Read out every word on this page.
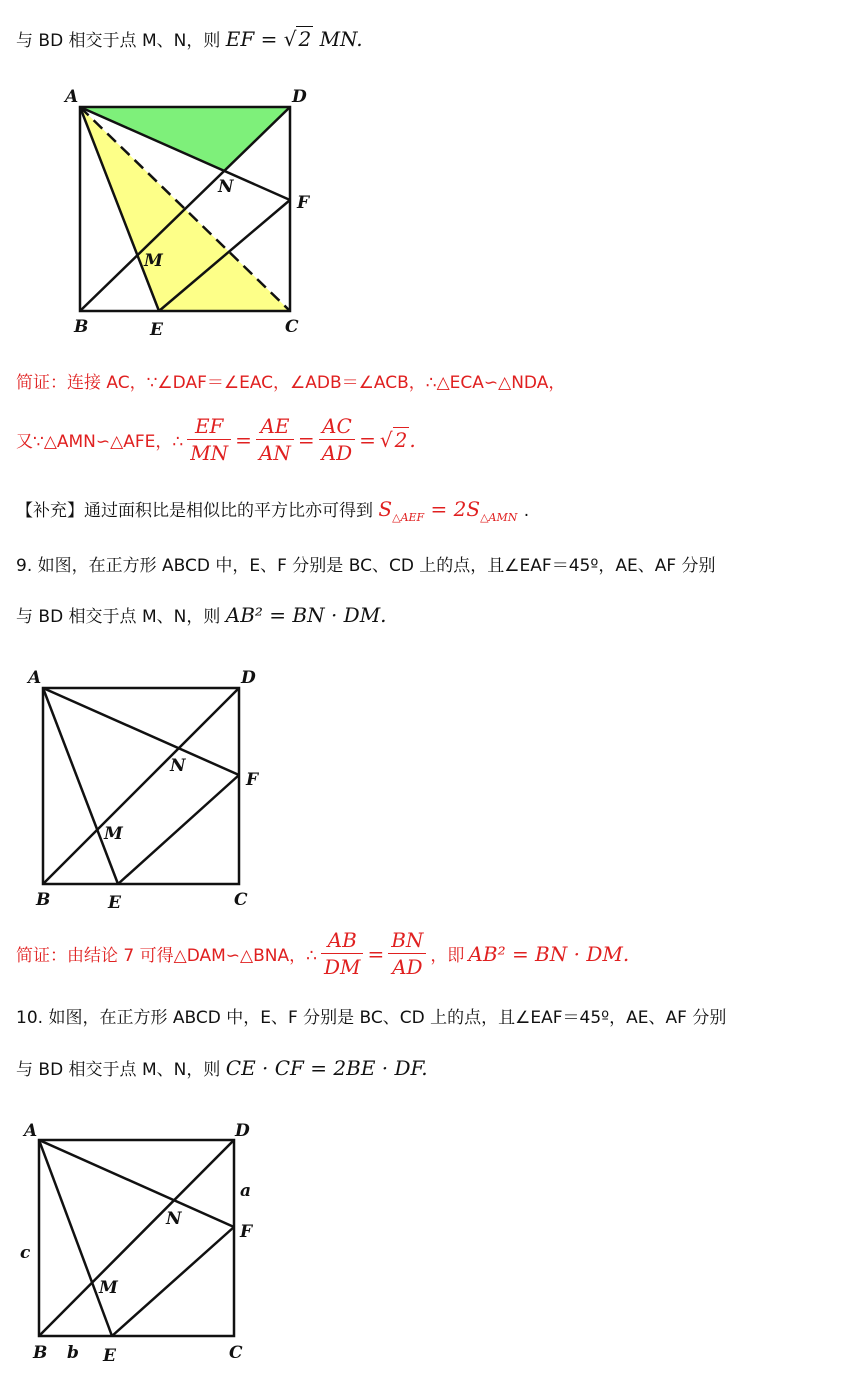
与 BD 相交于点 M、N，则 EF = √ 2 MN.
A	D
B	C
E
F
M
N
简证：连接 AC，∵∠DAF＝∠EAC，∠ADB＝∠ACB，∴△ECA∽△NDA，
又∵△AMN∽△AFE，∴ $\frac{EF}{MN} = \frac{AE}{AN} = \frac{AC}{AD}$ = √ 2 .
【补充】通过面积比是相似比的平方比亦可得到 $S_{\triangle AEF} = 2S_{\triangle AMN}$ .
9. 如图，在正方形 ABCD 中，E、F 分别是 BC、CD 上的点，且∠EAF＝45º，AE、AF 分别
与 BD 相交于点 M、N，则 AB² = BN · DM.
A	D
B	C
E
F
M
N
简证：由结论 7 可得△DAM∽△BNA，∴ $\frac{AB}{DM} = \frac{BN}{AD}$ ，即 AB² = BN · DM.
10. 如图，在正方形 ABCD 中，E、F 分别是 BC、CD 上的点，且∠EAF＝45º，AE、AF 分别
与 BD 相交于点 M、N，则 CE · CF = 2BE · DF.
A	D
B	C
E
F
M
N
a
b
c
